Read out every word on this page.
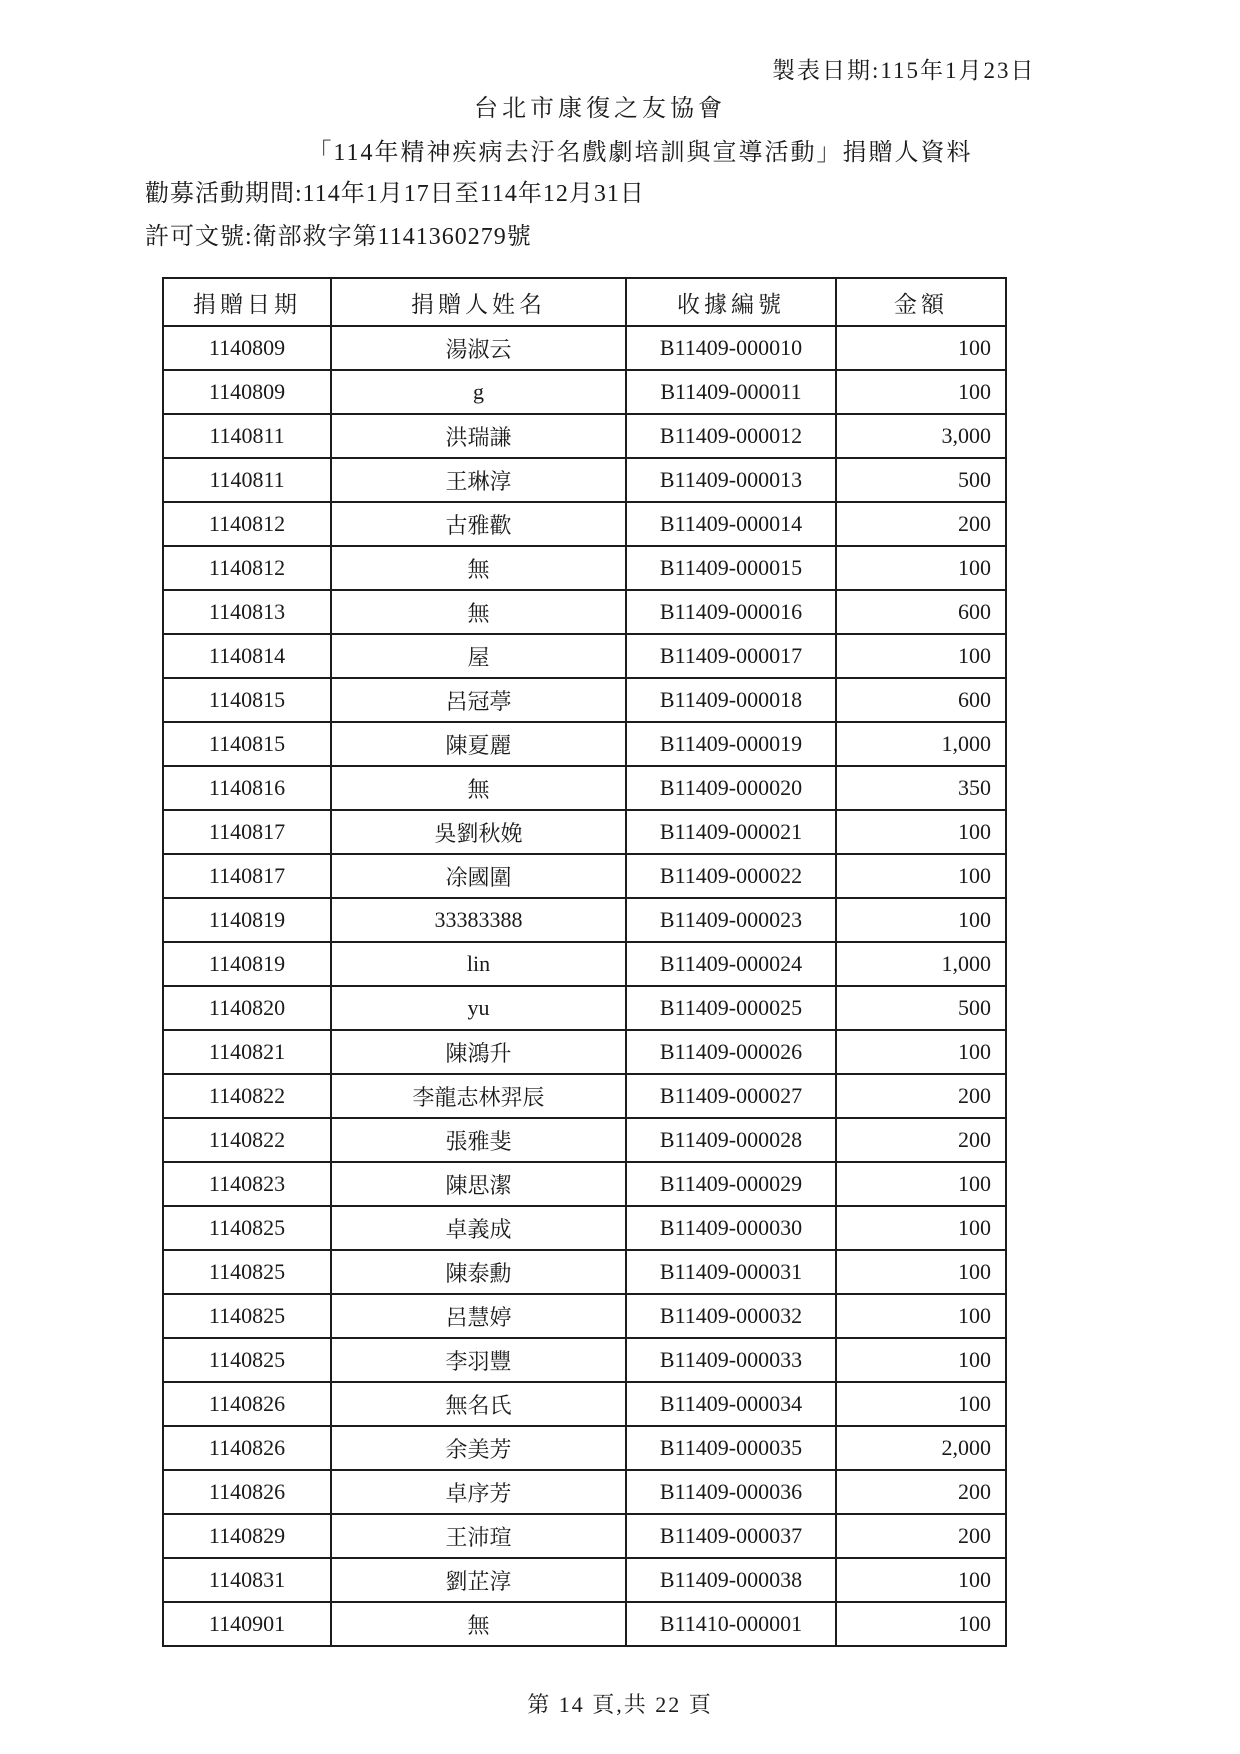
製表日期:115年1月23日
台北市康復之友協會
「114年精神疾病去汙名戲劇培訓與宣導活動」捐贈人資料
勸募活動期間:114年1月17日至114年12月31日
許可文號:衛部救字第1141360279號
捐贈日期	捐贈人姓名	收據編號	金額
1140809	湯淑云	B11409-000010	100
1140809	g	B11409-000011	100
1140811	洪瑞謙	B11409-000012	3,000
1140811	王琳淳	B11409-000013	500
1140812	古雅歡	B11409-000014	200
1140812	無	B11409-000015	100
1140813	無	B11409-000016	600
1140814	屋	B11409-000017	100
1140815	呂冠葶	B11409-000018	600
1140815	陳夏麗	B11409-000019	1,000
1140816	無	B11409-000020	350
1140817	吳劉秋娩	B11409-000021	100
1140817	凃國圍	B11409-000022	100
1140819	33383388	B11409-000023	100
1140819	lin	B11409-000024	1,000
1140820	yu	B11409-000025	500
1140821	陳鴻升	B11409-000026	100
1140822	李龍志林羿辰	B11409-000027	200
1140822	張雅斐	B11409-000028	200
1140823	陳思潔	B11409-000029	100
1140825	卓義成	B11409-000030	100
1140825	陳泰勳	B11409-000031	100
1140825	呂慧婷	B11409-000032	100
1140825	李羽豐	B11409-000033	100
1140826	無名氏	B11409-000034	100
1140826	余美芳	B11409-000035	2,000
1140826	卓序芳	B11409-000036	200
1140829	王沛瑄	B11409-000037	200
1140831	劉芷淳	B11409-000038	100
1140901	無	B11410-000001	100
第 14 頁,共 22 頁
